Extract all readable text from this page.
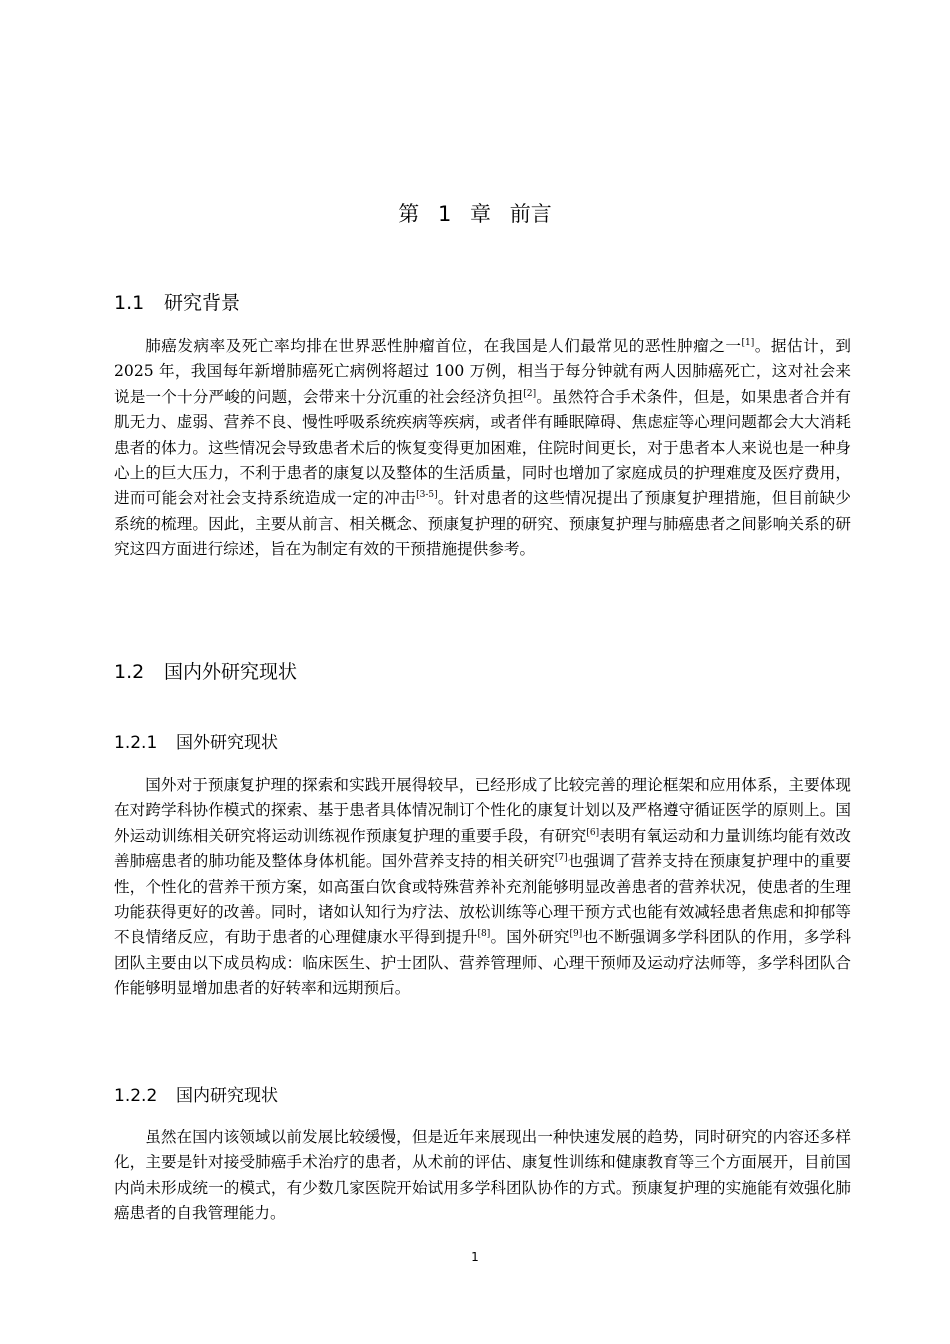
第 1 章 前言
1.1 研究背景
肺癌发病率及死亡率均排在世界恶性肿瘤首位，在我国是人们最常见的恶性肿瘤之一[1]。据估计，到 2025 年，我国每年新增肺癌死亡病例将超过 100 万例，相当于每分钟就有两人因肺癌死亡，这对社会来说是一个十分严峻的问题，会带来十分沉重的社会经济负担[2]。虽然符合手术条件，但是，如果患者合并有肌无力、虚弱、营养不良、慢性呼吸系统疾病等疾病，或者伴有睡眠障碍、焦虑症等心理问题都会大大消耗患者的体力。这些情况会导致患者术后的恢复变得更加困难，住院时间更长，对于患者本人来说也是一种身心上的巨大压力，不利于患者的康复以及整体的生活质量，同时也增加了家庭成员的护理难度及医疗费用，进而可能会对社会支持系统造成一定的冲击[3-5]。针对患者的这些情况提出了预康复护理措施，但目前缺少系统的梳理。因此，主要从前言、相关概念、预康复护理的研究、预康复护理与肺癌患者之间影响关系的研究这四方面进行综述，旨在为制定有效的干预措施提供参考。
1.2 国内外研究现状
1.2.1 国外研究现状
国外对于预康复护理的探索和实践开展得较早，已经形成了比较完善的理论框架和应用体系，主要体现在对跨学科协作模式的探索、基于患者具体情况制订个性化的康复计划以及严格遵守循证医学的原则上。国外运动训练相关研究将运动训练视作预康复护理的重要手段，有研究[6]表明有氧运动和力量训练均能有效改善肺癌患者的肺功能及整体身体机能。国外营养支持的相关研究[7]也强调了营养支持在预康复护理中的重要性，个性化的营养干预方案，如高蛋白饮食或特殊营养补充剂能够明显改善患者的营养状况，使患者的生理功能获得更好的改善。同时，诸如认知行为疗法、放松训练等心理干预方式也能有效减轻患者焦虑和抑郁等不良情绪反应，有助于患者的心理健康水平得到提升[8]。国外研究[9]也不断强调多学科团队的作用，多学科团队主要由以下成员构成：临床医生、护士团队、营养管理师、心理干预师及运动疗法师等，多学科团队合作能够明显增加患者的好转率和远期预后。
1.2.2 国内研究现状
虽然在国内该领域以前发展比较缓慢，但是近年来展现出一种快速发展的趋势，同时研究的内容还多样化，主要是针对接受肺癌手术治疗的患者，从术前的评估、康复性训练和健康教育等三个方面展开，目前国内尚未形成统一的模式，有少数几家医院开始试用多学科团队协作的方式。预康复护理的实施能有效强化肺癌患者的自我管理能力。
1
